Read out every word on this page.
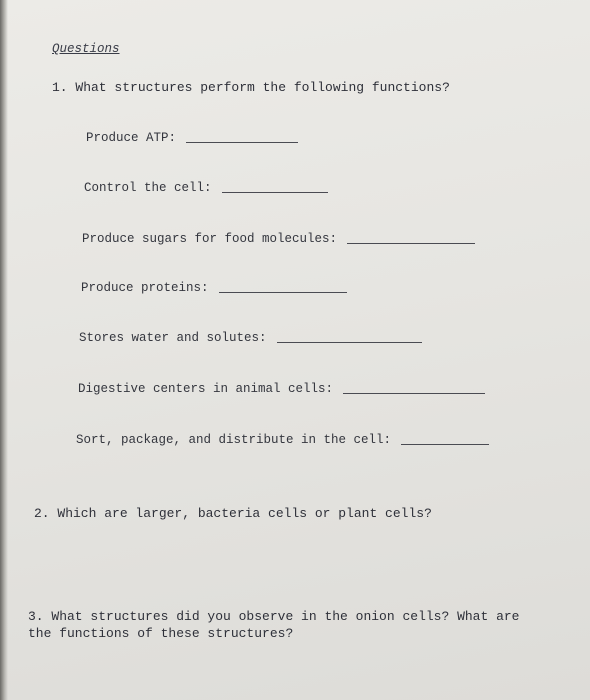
Questions
1. What structures perform the following functions?
Produce ATP:
Control the cell:
Produce sugars for food molecules:
Produce proteins:
Stores water and solutes:
Digestive centers in animal cells:
Sort, package, and distribute in the cell:
2. Which are larger, bacteria cells or plant cells?
3. What structures did you observe in the onion cells? What are
the functions of these structures?
